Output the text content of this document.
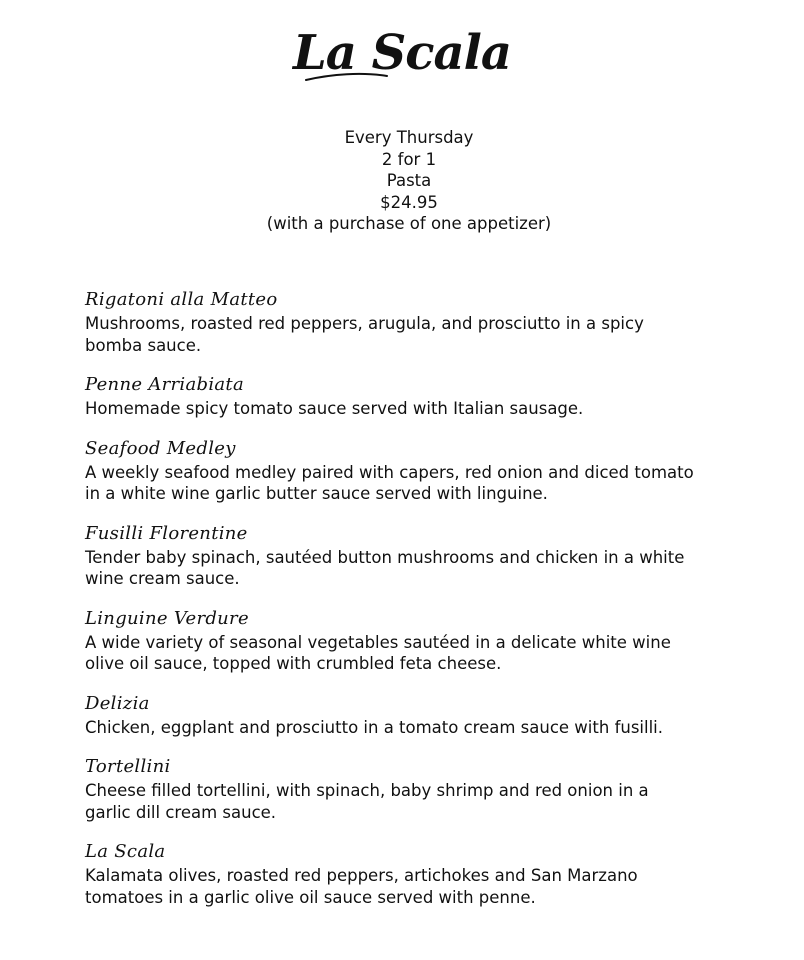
La Scala
Every Thursday
2 for 1
Pasta
$24.95
(with a purchase of one appetizer)
Rigatoni alla Matteo
Mushrooms, roasted red peppers, arugula, and prosciutto in a spicy
bomba sauce.
Penne Arriabiata
Homemade spicy tomato sauce served with Italian sausage.
Seafood Medley
A weekly seafood medley paired with capers, red onion and diced tomato
in a white wine garlic butter sauce served with linguine.
Fusilli Florentine
Tender baby spinach, sautéed button mushrooms and chicken in a white
wine cream sauce.
Linguine Verdure
A wide variety of seasonal vegetables sautéed in a delicate white wine
olive oil sauce, topped with crumbled feta cheese.
Delizia
Chicken, eggplant and prosciutto in a tomato cream sauce with fusilli.
Tortellini
Cheese filled tortellini, with spinach, baby shrimp and red onion in a
garlic dill cream sauce.
La Scala
Kalamata olives, roasted red peppers, artichokes and San Marzano
tomatoes in a garlic olive oil sauce served with penne.
